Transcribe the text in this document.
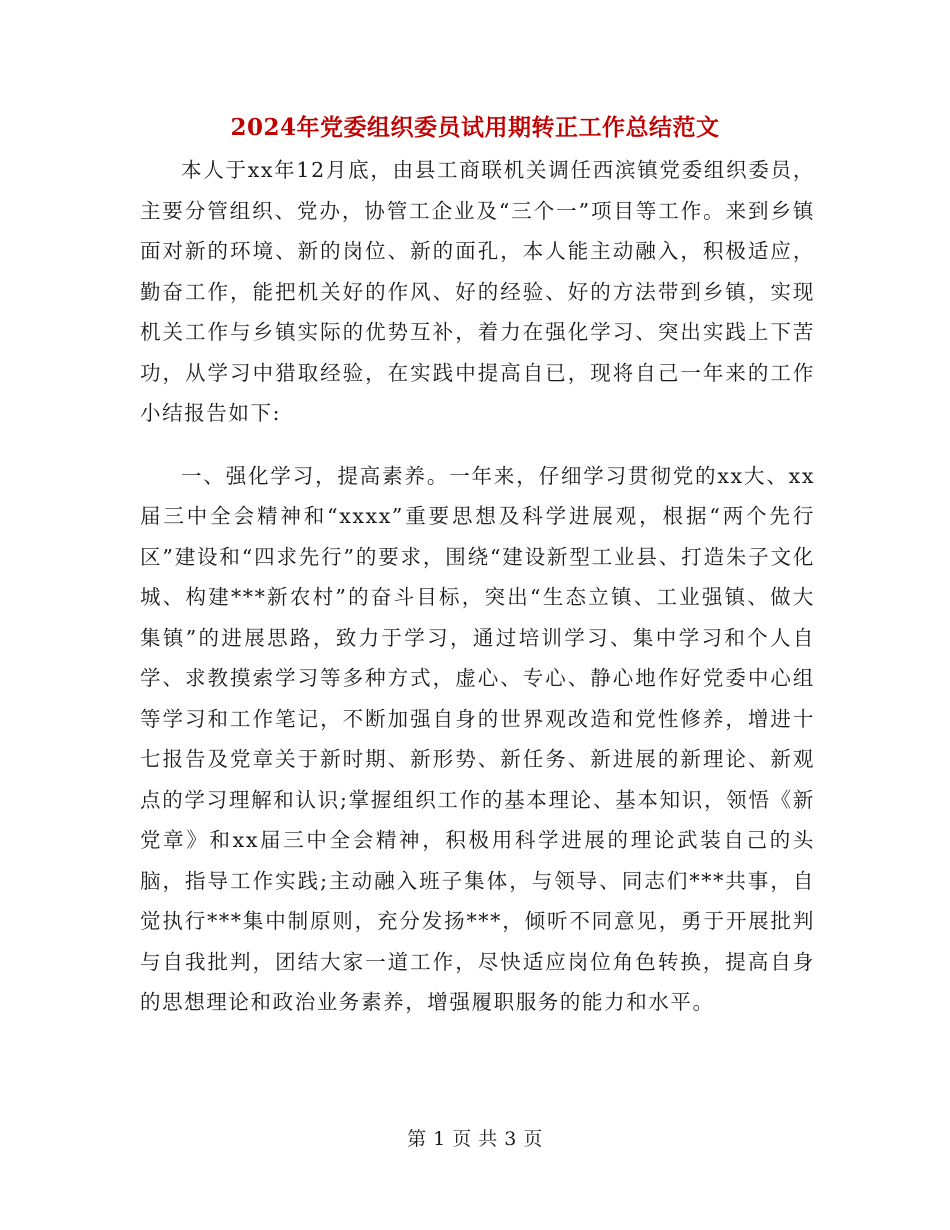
2024年党委组织委员试用期转正工作总结范文

本人于xx年12月底，由县工商联机关调任西滨镇党委组织委员，主要分管组织、党办，协管工企业及“三个一”项目等工作。来到乡镇面对新的环境、新的岗位、新的面孔，本人能主动融入，积极适应，勤奋工作，能把机关好的作风、好的经验、好的方法带到乡镇，实现机关工作与乡镇实际的优势互补，着力在强化学习、突出实践上下苦功，从学习中猎取经验，在实践中提高自已，现将自己一年来的工作小结报告如下:

一、强化学习，提高素养。一年来，仔细学习贯彻党的xx大、xx届三中全会精神和“xxxx”重要思想及科学进展观，根据“两个先行区”建设和“四求先行”的要求，围绕“建设新型工业县、打造朱子文化城、构建***新农村”的奋斗目标，突出“生态立镇、工业强镇、做大集镇”的进展思路，致力于学习，通过培训学习、集中学习和个人自学、求教摸索学习等多种方式，虚心、专心、静心地作好党委中心组等学习和工作笔记，不断加强自身的世界观改造和党性修养，增进十七报告及党章关于新时期、新形势、新任务、新进展的新理论、新观点的学习理解和认识;掌握组织工作的基本理论、基本知识，领悟《新党章》和xx届三中全会精神，积极用科学进展的理论武装自己的头脑，指导工作实践;主动融入班子集体，与领导、同志们***共事，自觉执行***集中制原则，充分发扬***，倾听不同意见，勇于开展批判与自我批判，团结大家一道工作，尽快适应岗位角色转换，提高自身的思想理论和政治业务素养，增强履职服务的能力和水平。

第 1 页 共 3 页
